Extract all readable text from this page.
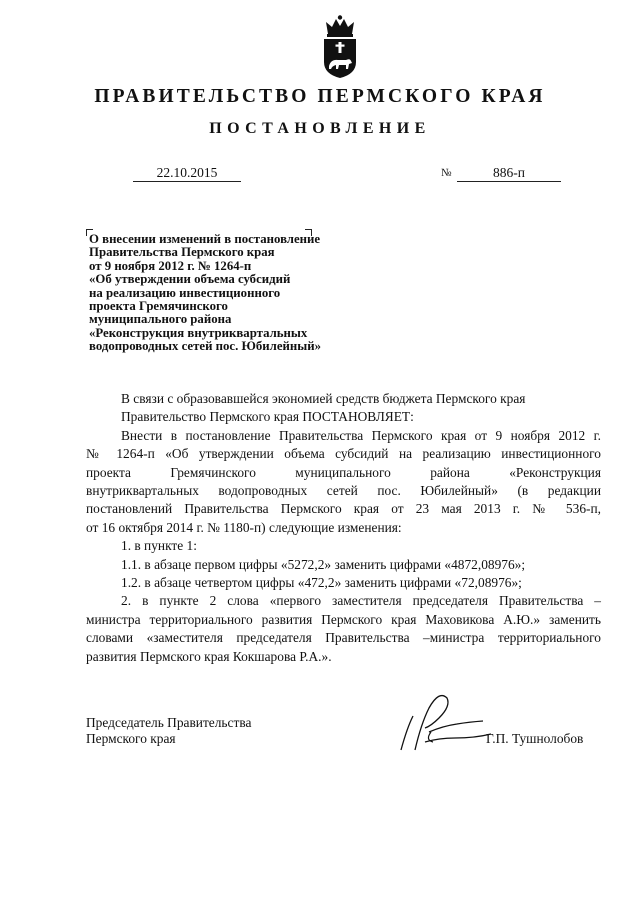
ПРАВИТЕЛЬСТВО ПЕРМСКОГО КРАЯ
ПОСТАНОВЛЕНИЕ
22.10.2015	№	886-п
О внесении изменений в постановление
Правительства Пермского края
от 9 ноября 2012 г. № 1264-п
«Об утверждении объема субсидий
на реализацию инвестиционного
проекта Гремячинского
муниципального района
«Реконструкция внутриквартальных
водопроводных сетей пос. Юбилейный»

В связи с образовавшейся экономией средств бюджета Пермского края

Правительство Пермского края ПОСТАНОВЛЯЕТ:

Внести в постановление Правительства Пермского края от 9 ноября 2012 г.

№ 1264-п «Об утверждении объема субсидий на реализацию инвестиционного

проекта Гремячинского муниципального района «Реконструкция

внутриквартальных водопроводных сетей пос. Юбилейный» (в редакции

постановлений Правительства Пермского края от 23 мая 2013 г. № 536-п,

от 16 октября 2014 г. № 1180-п) следующие изменения:

1. в пункте 1:

1.1. в абзаце первом цифры «5272,2» заменить цифрами «4872,08976»;

1.2. в абзаце четвертом цифры «472,2» заменить цифрами «72,08976»;

2. в пункте 2 слова «первого заместителя председателя Правительства –

министра территориального развития Пермского края Маховикова А.Ю.» заменить

словами «заместителя председателя Правительства –министра территориального

развития Пермского края Кокшарова Р.А.».

Председатель Правительства
Пермского края	Г.П. Тушнолобов
